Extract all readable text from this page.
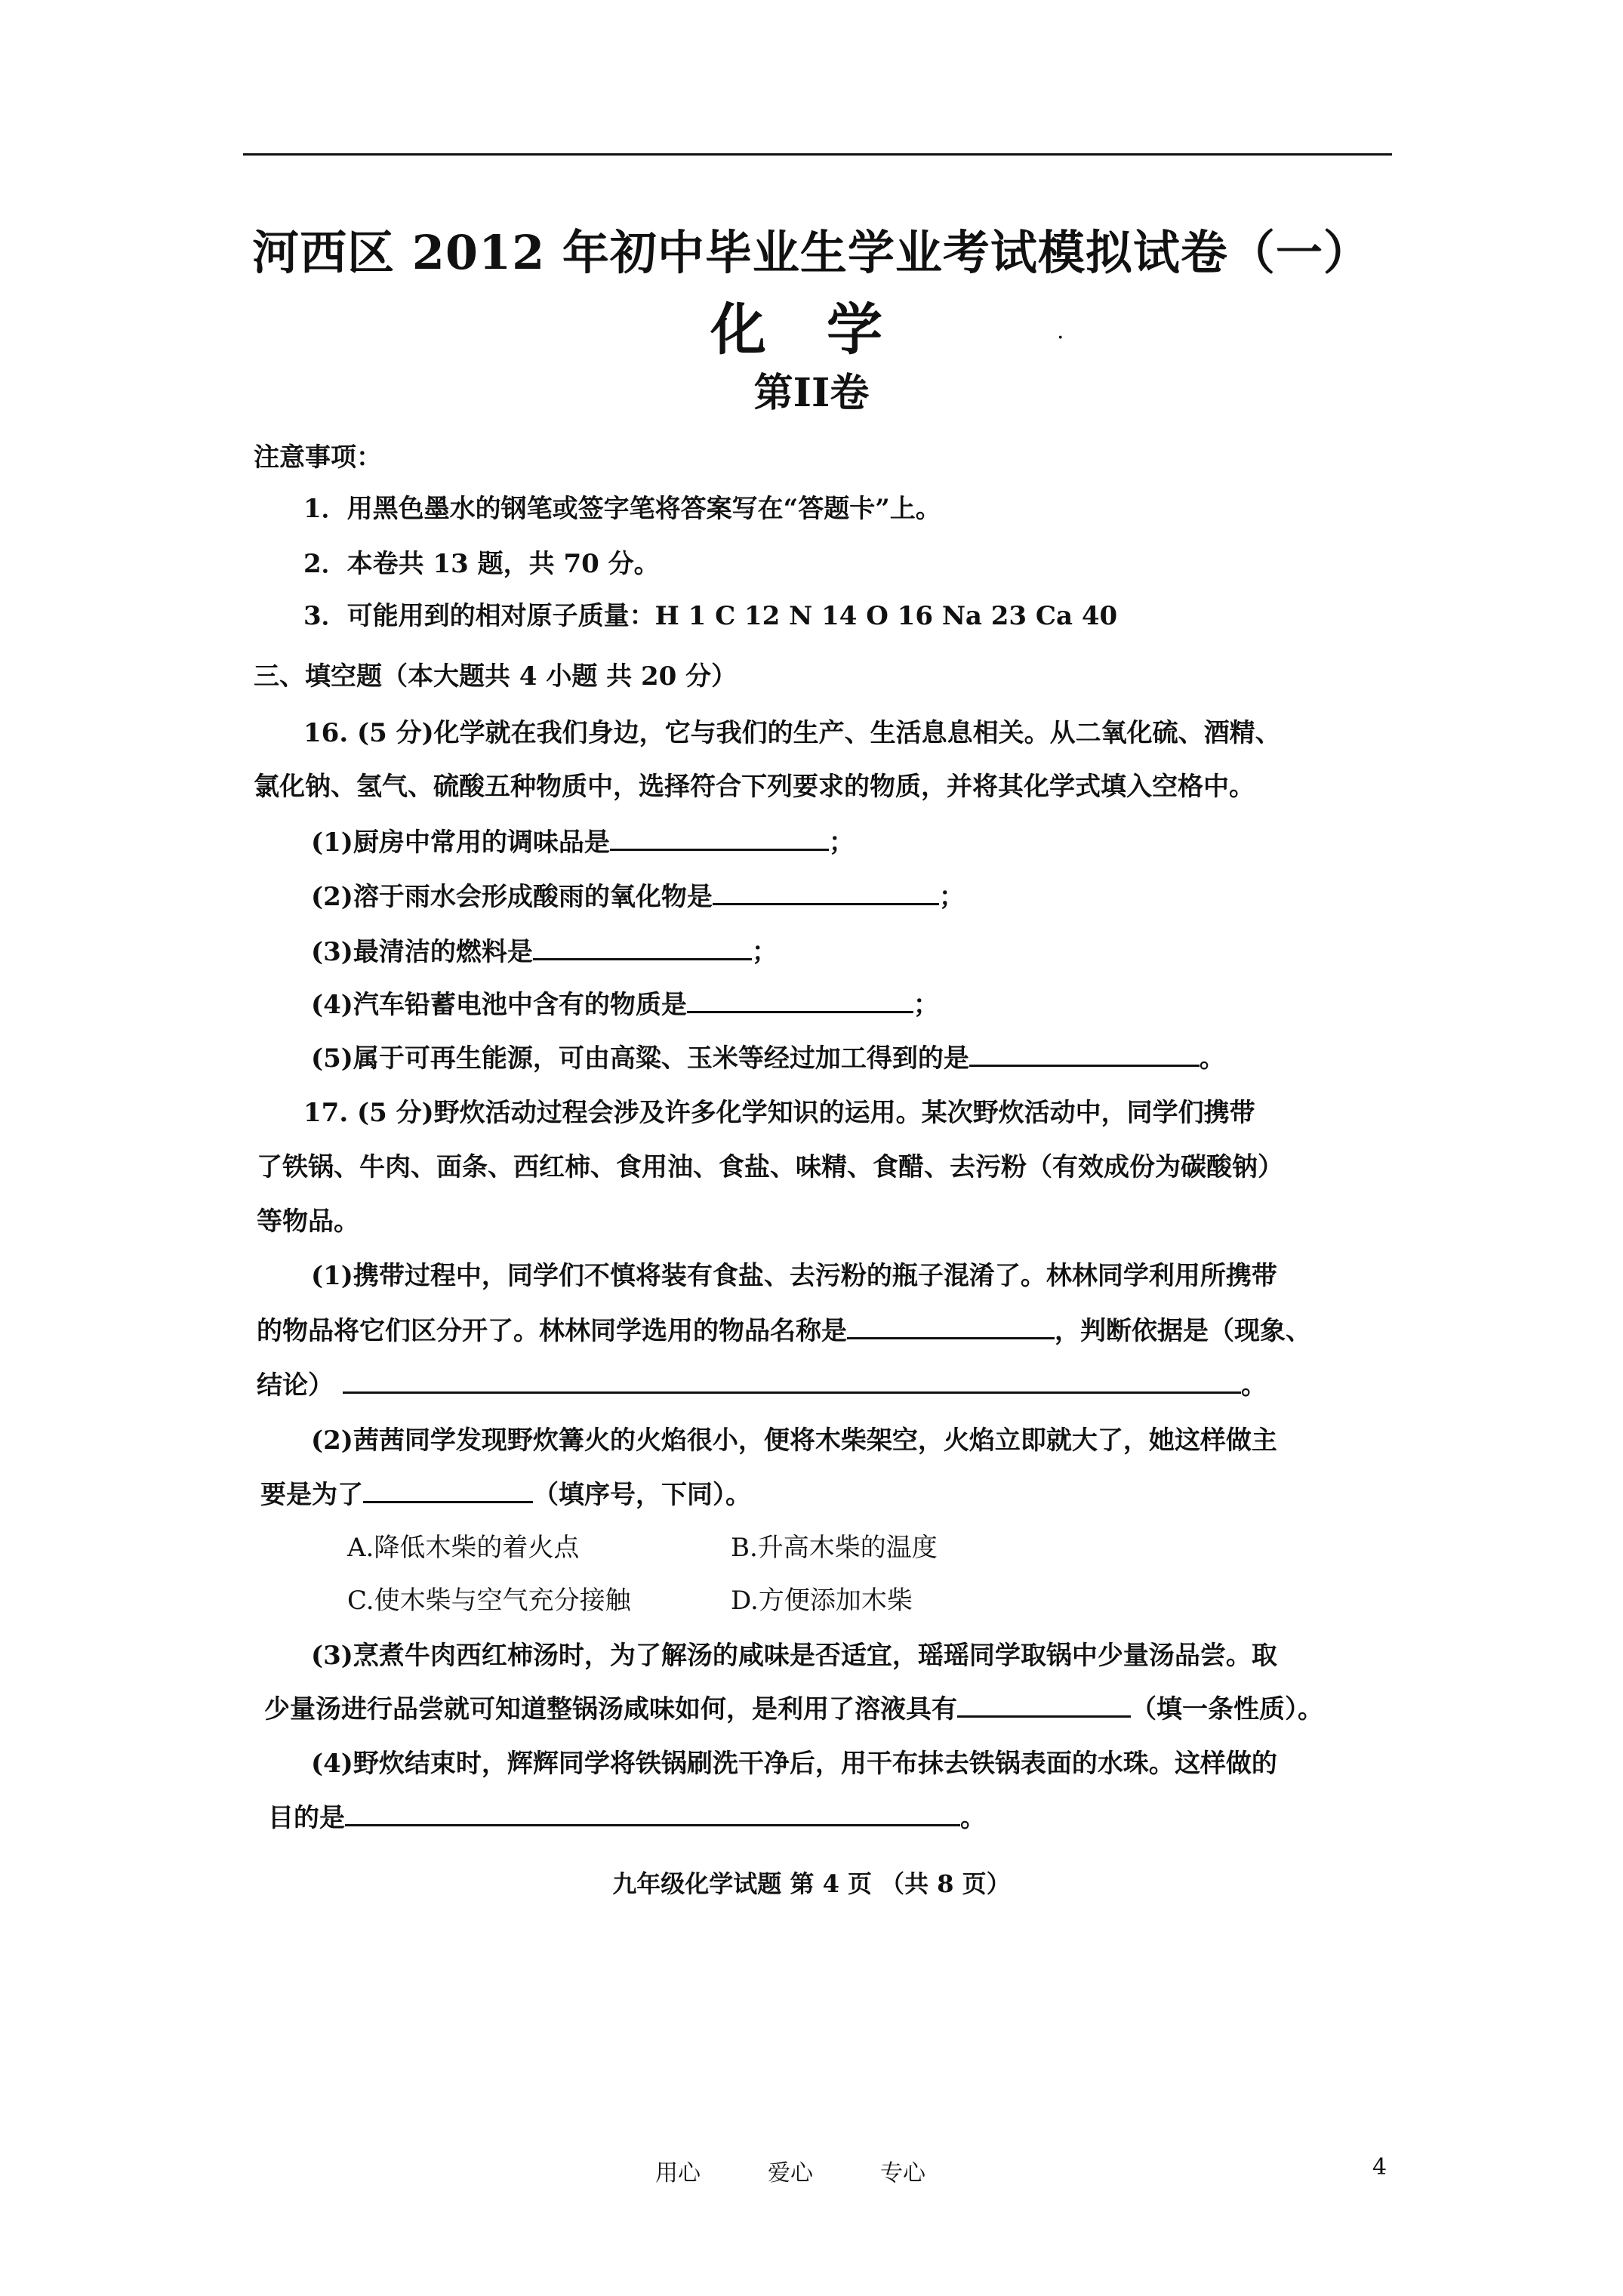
河西区 2012 年初中毕业生学业考试模拟试卷（一）
化学	·
第II卷
注意事项：
1．用黑色墨水的钢笔或签字笔将答案写在“答题卡”上。
2．本卷共 13 题，共 70 分。
3．可能用到的相对原子质量：H 1 C 12 N 14 O 16 Na 23 Ca 40
三、填空题（本大题共 4 小题 共 20 分）
16. (5 分)化学就在我们身边，它与我们的生产、生活息息相关。从二氧化硫、酒精、
氯化钠、氢气、硫酸五种物质中，选择符合下列要求的物质，并将其化学式填入空格中。
(1)厨房中常用的调味品是	；
(2)溶于雨水会形成酸雨的氧化物是	；
(3)最清洁的燃料是	；
(4)汽车铅蓄电池中含有的物质是	；
(5)属于可再生能源，可由高粱、玉米等经过加工得到的是	。
17. (5 分)野炊活动过程会涉及许多化学知识的运用。某次野炊活动中，同学们携带
了铁锅、牛肉、面条、西红柿、食用油、食盐、味精、食醋、去污粉（有效成份为碳酸钠）
等物品。
(1)携带过程中，同学们不慎将装有食盐、去污粉的瓶子混淆了。林林同学利用所携带
的物品将它们区分开了。林林同学选用的物品名称是	，判断依据是（现象、
结论）	。
(2)茜茜同学发现野炊篝火的火焰很小，便将木柴架空，火焰立即就大了，她这样做主
要是为了	（填序号，下同）。
A.降低木柴的着火点	B.升高木柴的温度
C.使木柴与空气充分接触	D.方便添加木柴
(3)烹煮牛肉西红柿汤时，为了解汤的咸味是否适宜，瑶瑶同学取锅中少量汤品尝。取
少量汤进行品尝就可知道整锅汤咸味如何，是利用了溶液具有	（填一条性质）。
(4)野炊结束时，辉辉同学将铁锅刷洗干净后，用干布抹去铁锅表面的水珠。这样做的
目的是	。
九年级化学试题 第 4 页 （共 8 页）
用心	爱心	专心	4
